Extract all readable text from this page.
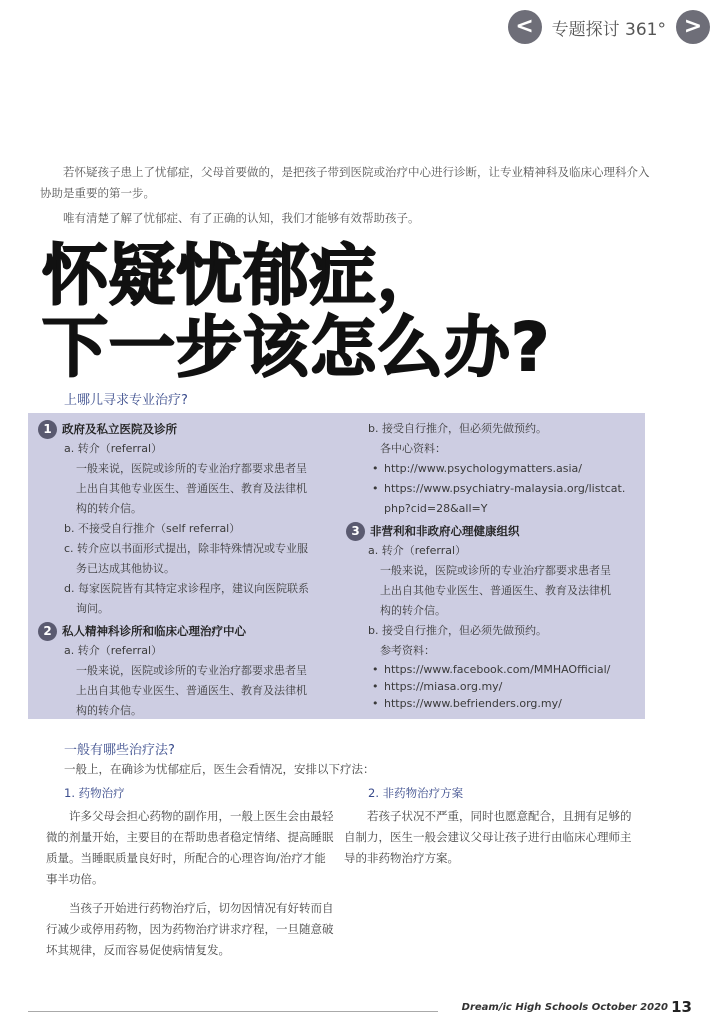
< 专题探讨 361° >

若怀疑孩子患上了忧郁症，父母首要做的，是把孩子带到医院或治疗中心进行诊断，让专业精神科及临床心理科介入协助是重要的第一步。

唯有清楚了解了忧郁症、有了正确的认知，我们才能够有效帮助孩子。

怀疑忧郁症，
下一步该怎么办?
上哪儿寻求专业治疗?
1 政府及私立医院及诊所
a. 转介（referral）
一般来说，医院或诊所的专业治疗都要求患者呈
上出自其他专业医生、普通医生、教育及法律机
构的转介信。
b. 不接受自行推介（self referral）
c. 转介应以书面形式提出，除非特殊情况或专业服
务已达成其他协议。
d. 每家医院皆有其特定求诊程序，建议向医院联系
询问。
2 私人精神科诊所和临床心理治疗中心
a. 转介（referral）
一般来说，医院或诊所的专业治疗都要求患者呈
上出自其他专业医生、普通医生、教育及法律机
构的转介信。
b. 接受自行推介，但必须先做预约。
各中心资料：
• http://www.psychologymatters.asia/
• https://www.psychiatry-malaysia.org/listcat.
php?cid=28&all=Y
3 非营利和非政府心理健康组织
a. 转介（referral）
一般来说，医院或诊所的专业治疗都要求患者呈
上出自其他专业医生、普通医生、教育及法律机
构的转介信。
b. 接受自行推介，但必须先做预约。
参考资料：
• https://www.facebook.com/MMHAOfficial/
• https://miasa.org.my/
• https://www.befrienders.org.my/
一般有哪些治疗法?
一般上，在确诊为忧郁症后，医生会看情况，安排以下疗法：
1. 药物治疗

许多父母会担心药物的副作用，一般上医生会由最轻微的剂量开始，主要目的在帮助患者稳定情绪、提高睡眠质量。当睡眠质量良好时，所配合的心理咨询/治疗才能事半功倍。

当孩子开始进行药物治疗后，切勿因情况有好转而自行减少或停用药物，因为药物治疗讲求疗程，一旦随意破坏其规律，反而容易促使病情复发。

2. 非药物治疗方案

若孩子状况不严重，同时也愿意配合，且拥有足够的自制力，医生一般会建议父母让孩子进行由临床心理师主导的非药物治疗方案。

Dream/ic High Schools October 2020 13
